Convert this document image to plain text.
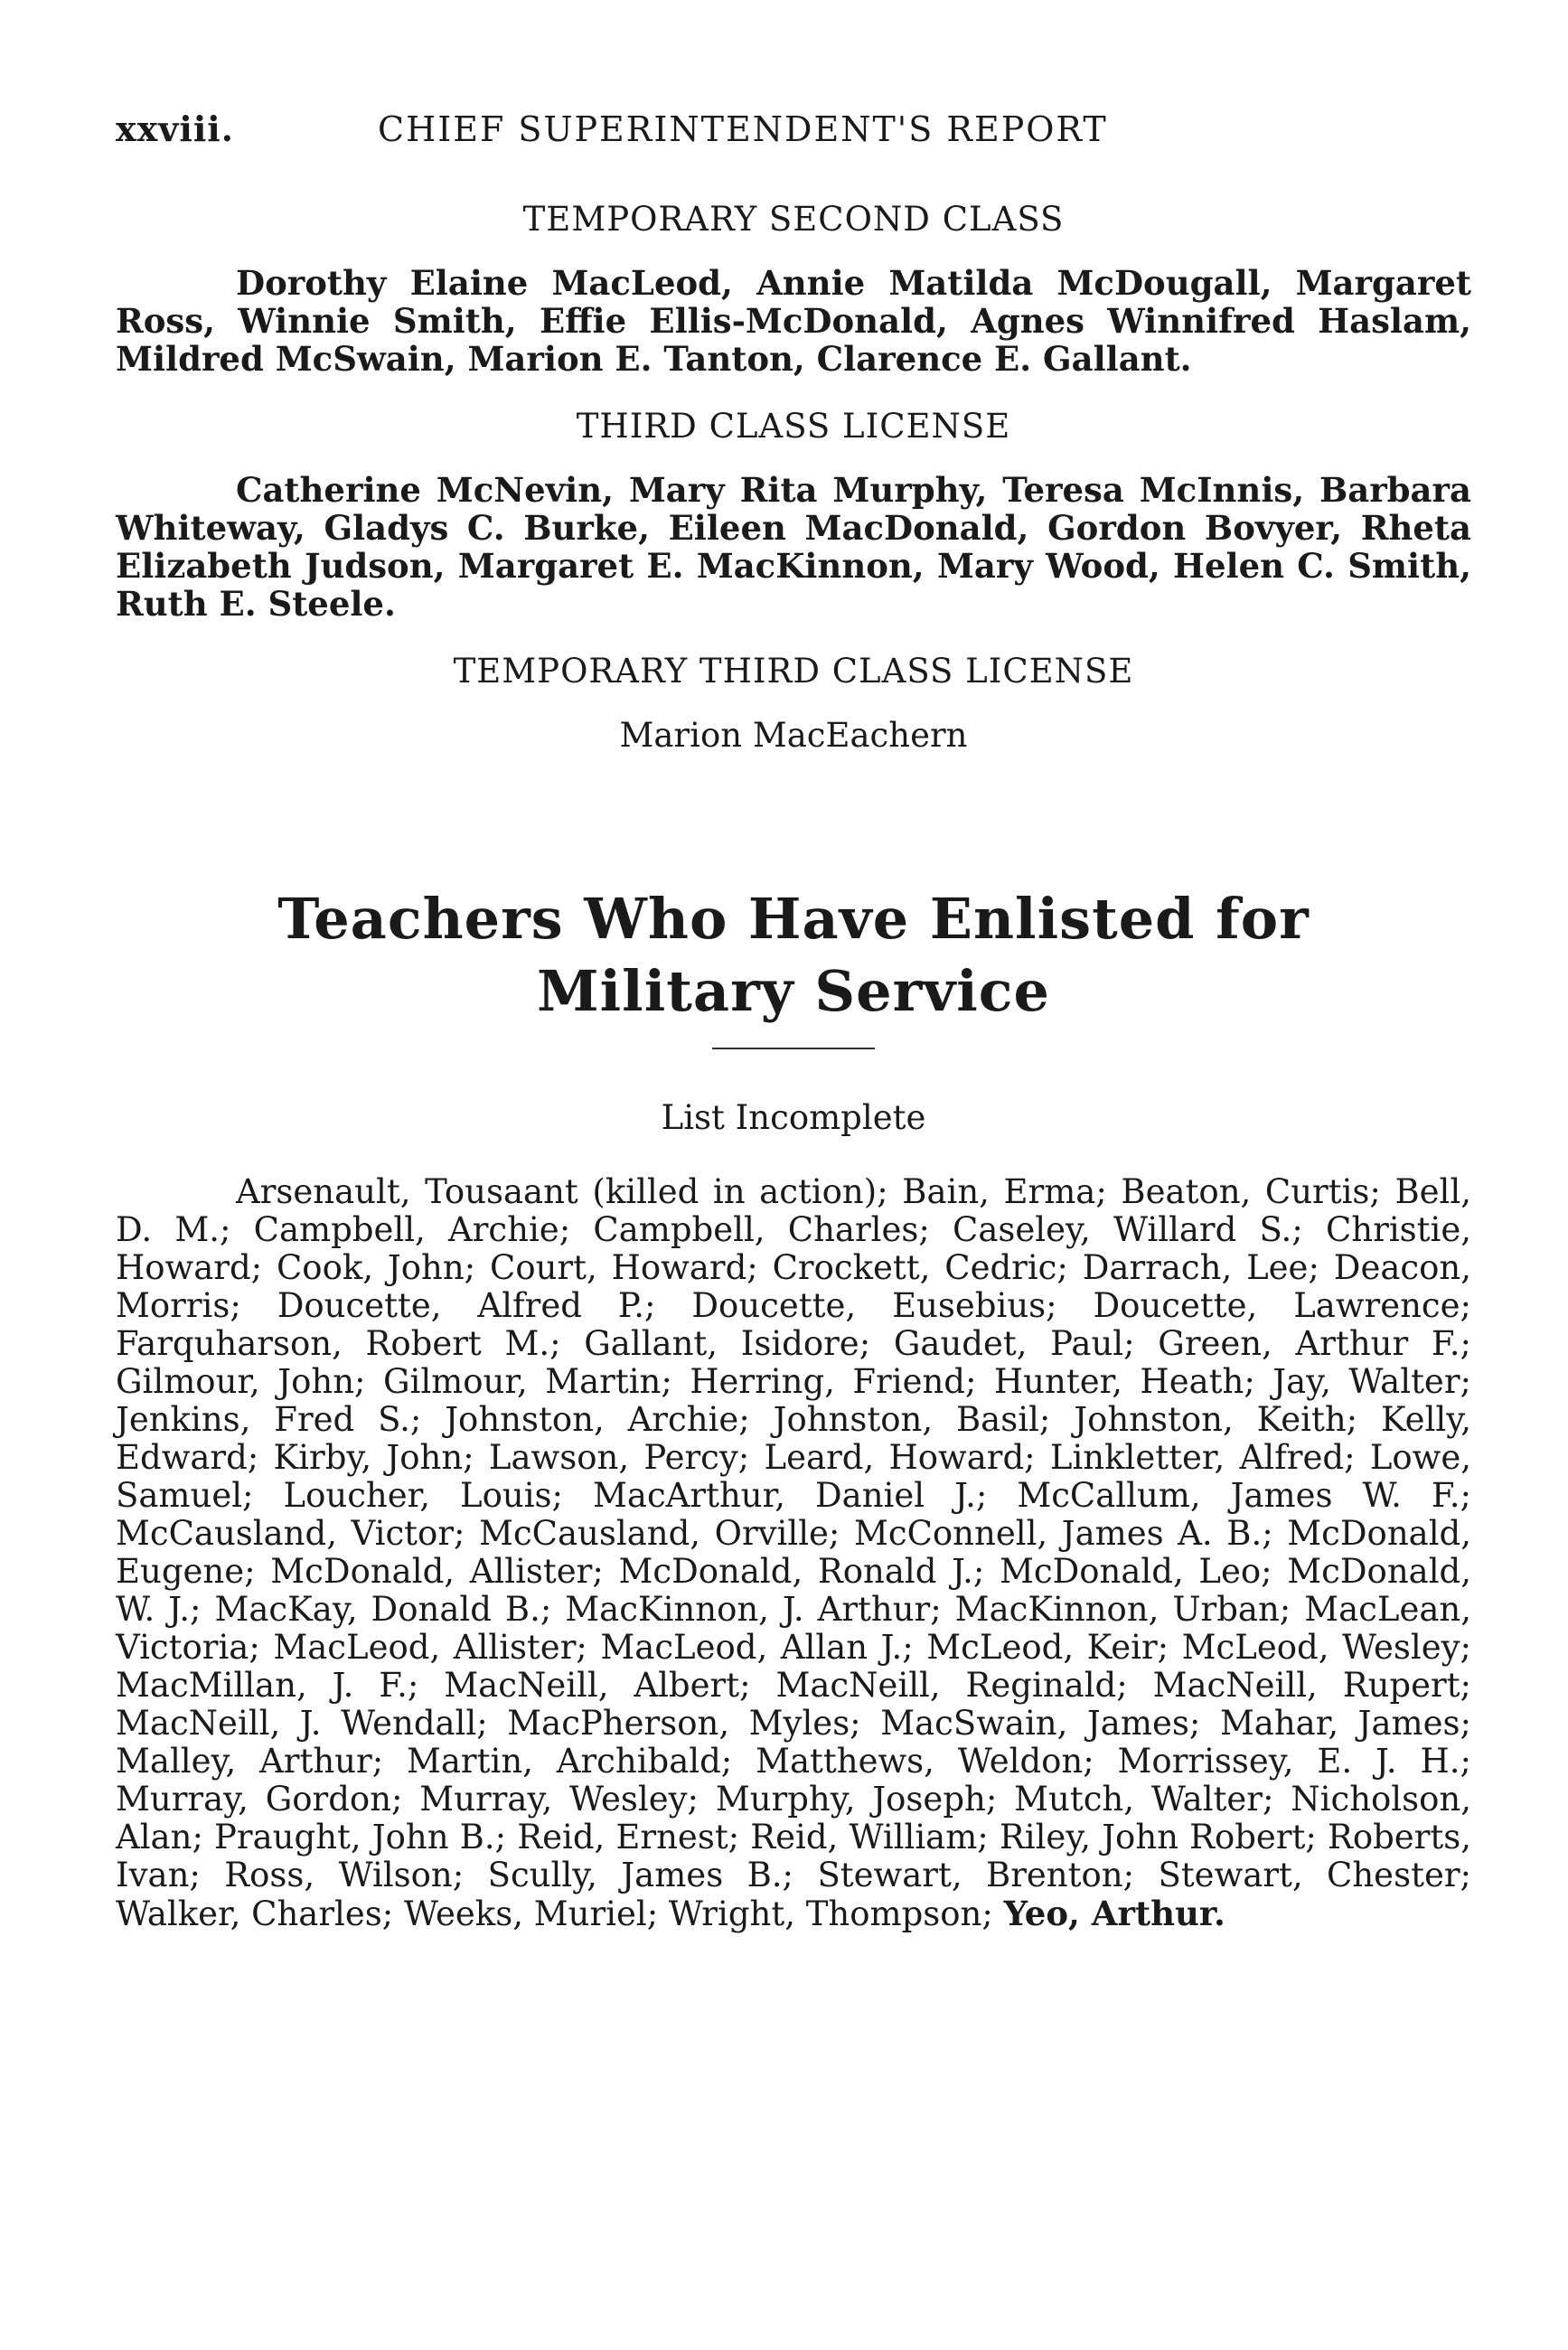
xxviii.	CHIEF SUPERINTENDENT'S REPORT
TEMPORARY SECOND CLASS

Dorothy Elaine MacLeod, Annie Matilda McDougall, Margaret Ross, Winnie Smith, Effie Ellis-McDonald, Agnes Winnifred Haslam, Mildred McSwain, Marion E. Tanton, Clarence E. Gallant.

THIRD CLASS LICENSE

Catherine McNevin, Mary Rita Murphy, Teresa McInnis, Barbara Whiteway, Gladys C. Burke, Eileen MacDonald, Gordon Bovyer, Rheta Elizabeth Judson, Margaret E. MacKinnon, Mary Wood, Helen C. Smith, Ruth E. Steele.

TEMPORARY THIRD CLASS LICENSE

Marion MacEachern

Teachers Who Have Enlisted for
Military Service

List Incomplete

Arsenault, Tousaant (killed in action); Bain, Erma; Beaton, Curtis; Bell, D. M.; Campbell, Archie; Campbell, Charles; Caseley, Willard S.; Christie, Howard; Cook, John; Court, Howard; Crockett, Cedric; Darrach, Lee; Deacon, Morris; Doucette, Alfred P.; Doucette, Eusebius; Doucette, Lawrence; Farquharson, Robert M.; Gallant, Isidore; Gaudet, Paul; Green, Arthur F.; Gilmour, John; Gilmour, Martin; Herring, Friend; Hunter, Heath; Jay, Walter; Jenkins, Fred S.; Johnston, Archie; Johnston, Basil; Johnston, Keith; Kelly, Edward; Kirby, John; Lawson, Percy; Leard, Howard; Linkletter, Alfred; Lowe, Samuel; Loucher, Louis; MacArthur, Daniel J.; McCallum, James W. F.; McCausland, Victor; McCausland, Orville; McConnell, James A. B.; McDonald, Eugene; McDonald, Allister; McDonald, Ronald J.; McDonald, Leo; McDonald, W. J.; MacKay, Donald B.; MacKinnon, J. Arthur; MacKinnon, Urban; MacLean, Victoria; MacLeod, Allister; MacLeod, Allan J.; McLeod, Keir; McLeod, Wesley; MacMillan, J. F.; MacNeill, Albert; MacNeill, Reginald; MacNeill, Rupert; MacNeill, J. Wendall; MacPherson, Myles; MacSwain, James; Mahar, James; Malley, Arthur; Martin, Archibald; Matthews, Weldon; Morrissey, E. J. H.; Murray, Gordon; Murray, Wesley; Murphy, Joseph; Mutch, Walter; Nicholson, Alan; Praught, John B.; Reid, Ernest; Reid, William; Riley, John Robert; Roberts, Ivan; Ross, Wilson; Scully, James B.; Stewart, Brenton; Stewart, Chester; Walker, Charles; Weeks, Muriel; Wright, Thompson; Yeo, Arthur.
